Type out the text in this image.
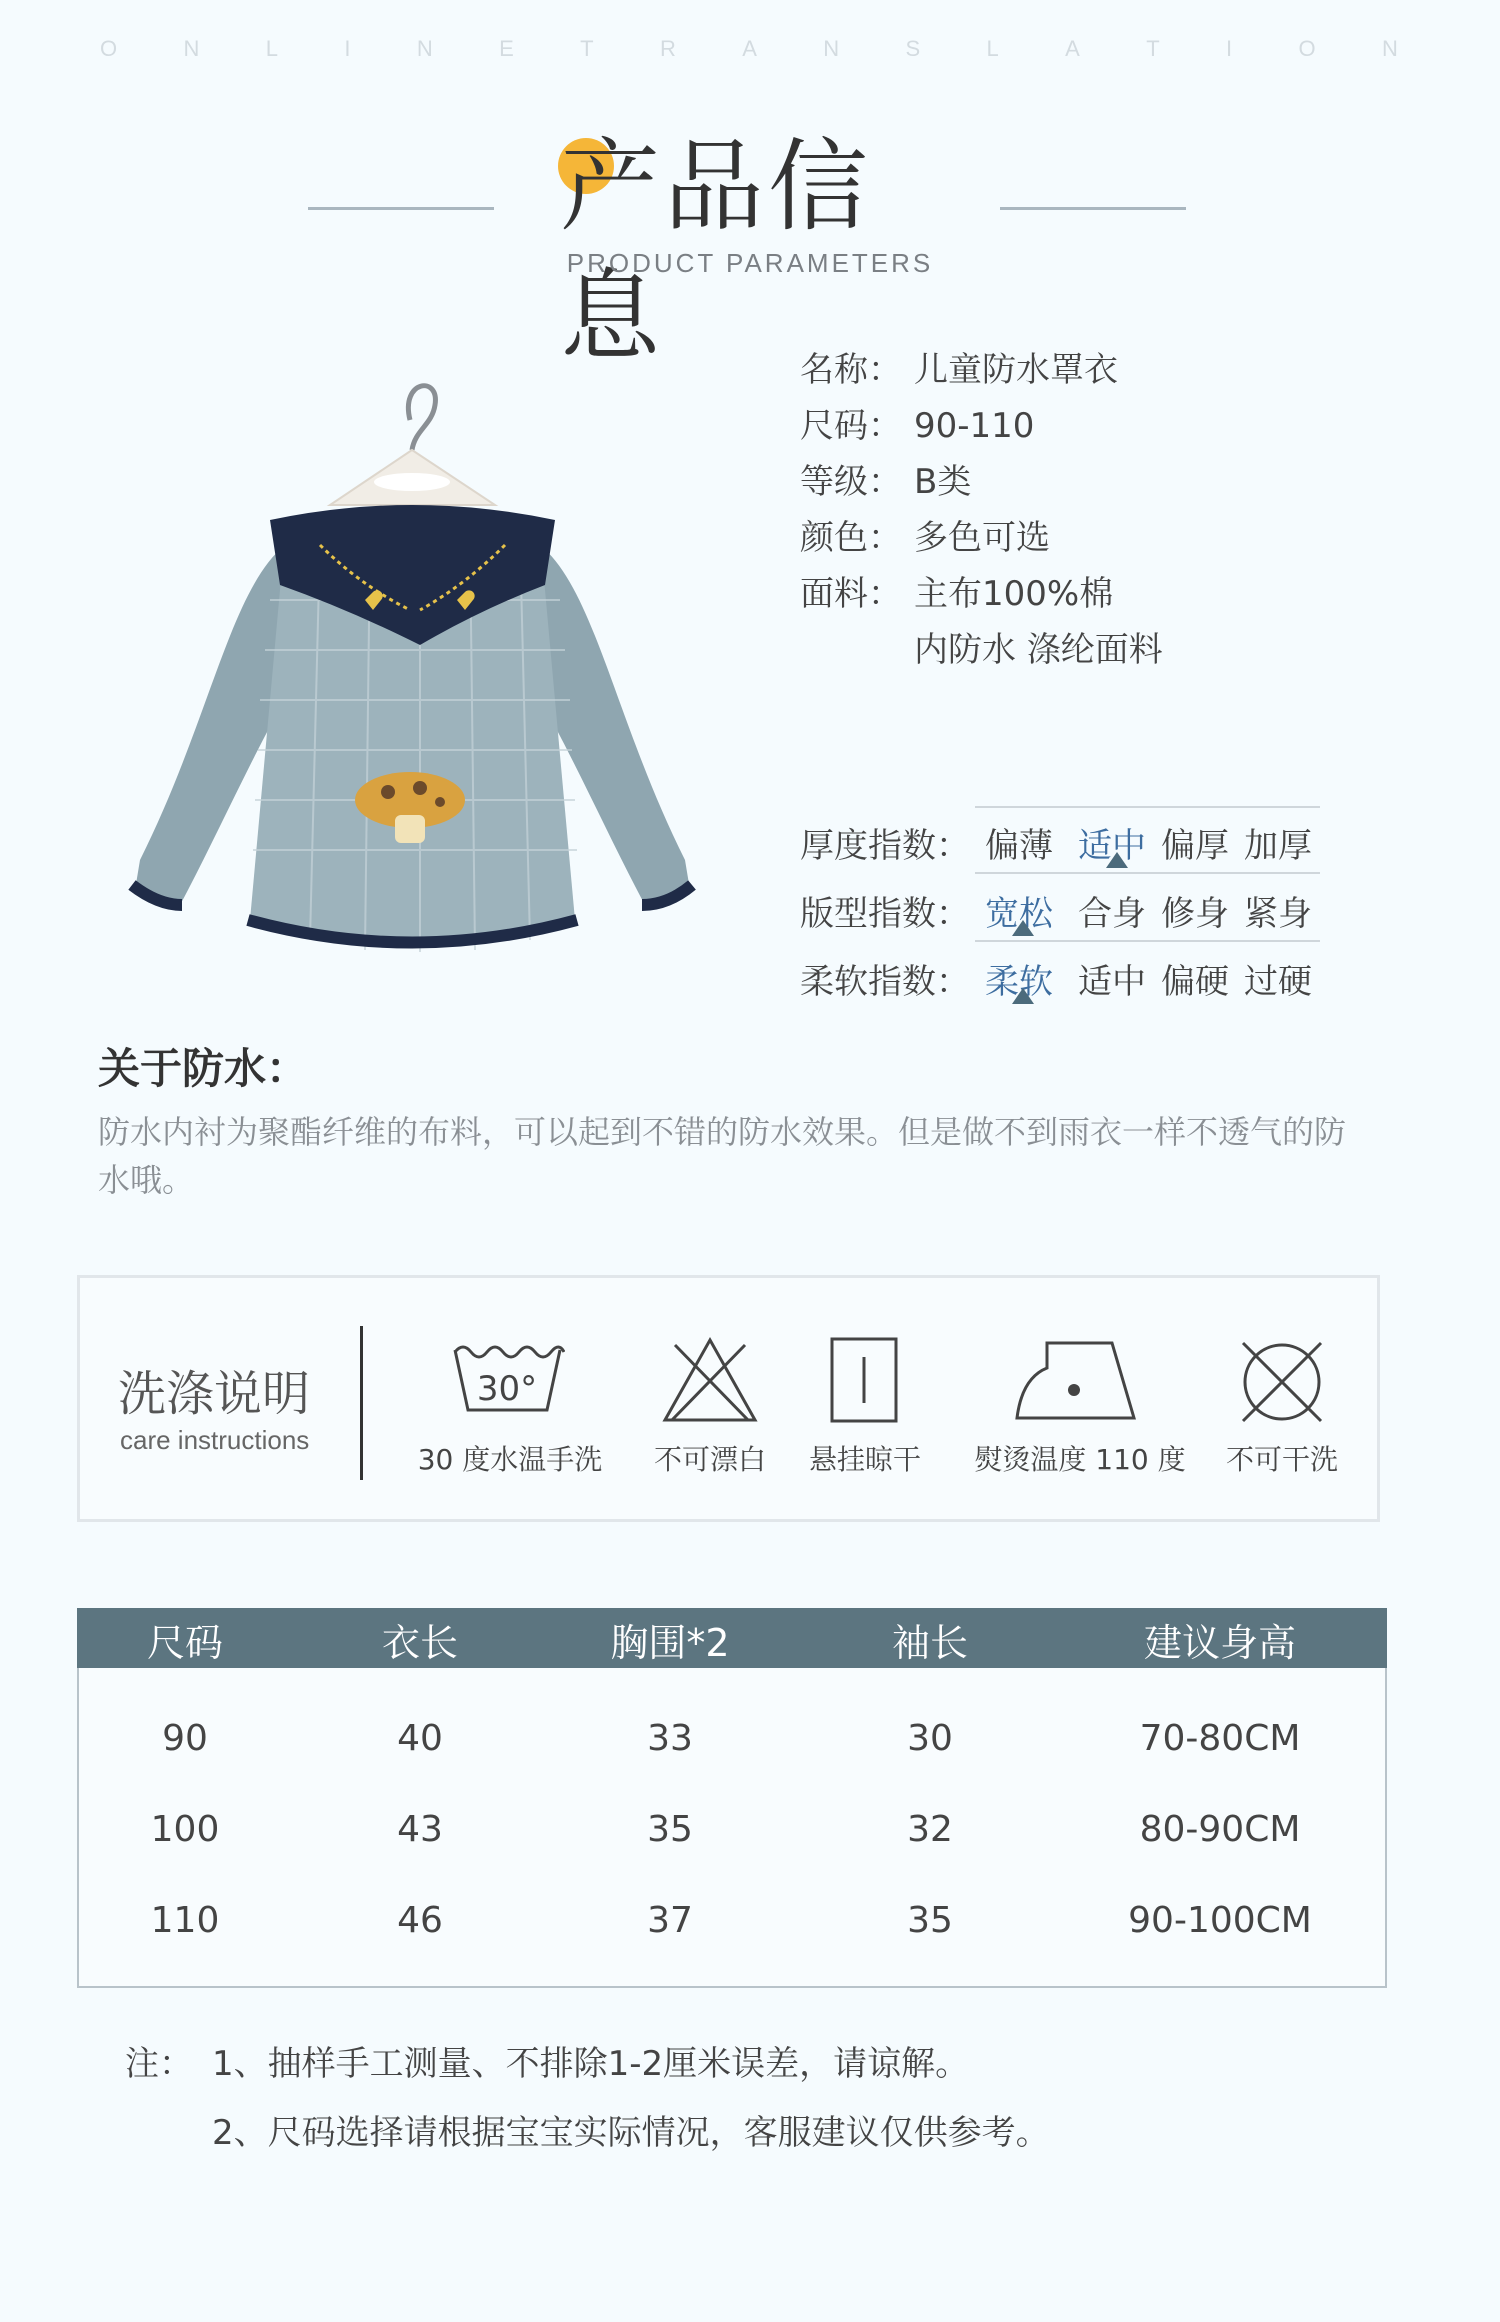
O	N	L	I	N	E	T	R	A	N	S	L	A	T	I	O	N
产品信息
PRODUCT PARAMETERS
名称： 儿童防水罩衣
尺码： 90-110
等级： B类
颜色： 多色可选
面料： 主布100%棉
内防水 涤纶面料
厚度指数： 偏薄 适中 偏厚 加厚
版型指数： 宽松 合身 修身 紧身
柔软指数： 柔软 适中 偏硬 过硬
关于防水：
防水内衬为聚酯纤维的布料，可以起到不错的防水效果。但是做不到雨衣一样不透气的防水哦。
洗涤说明
care instructions
30°
30 度水温手洗	不可漂白	悬挂晾干	熨烫温度 110 度	不可干洗
尺码	衣长	胸围*2	袖长	建议身高
90	40	33	30	70-80CM
100	43	35	32	80-90CM
110	46	37	35	90-100CM
注： 1、抽样手工测量、不排除1-2厘米误差，请谅解。
2、尺码选择请根据宝宝实际情况，客服建议仅供参考。
